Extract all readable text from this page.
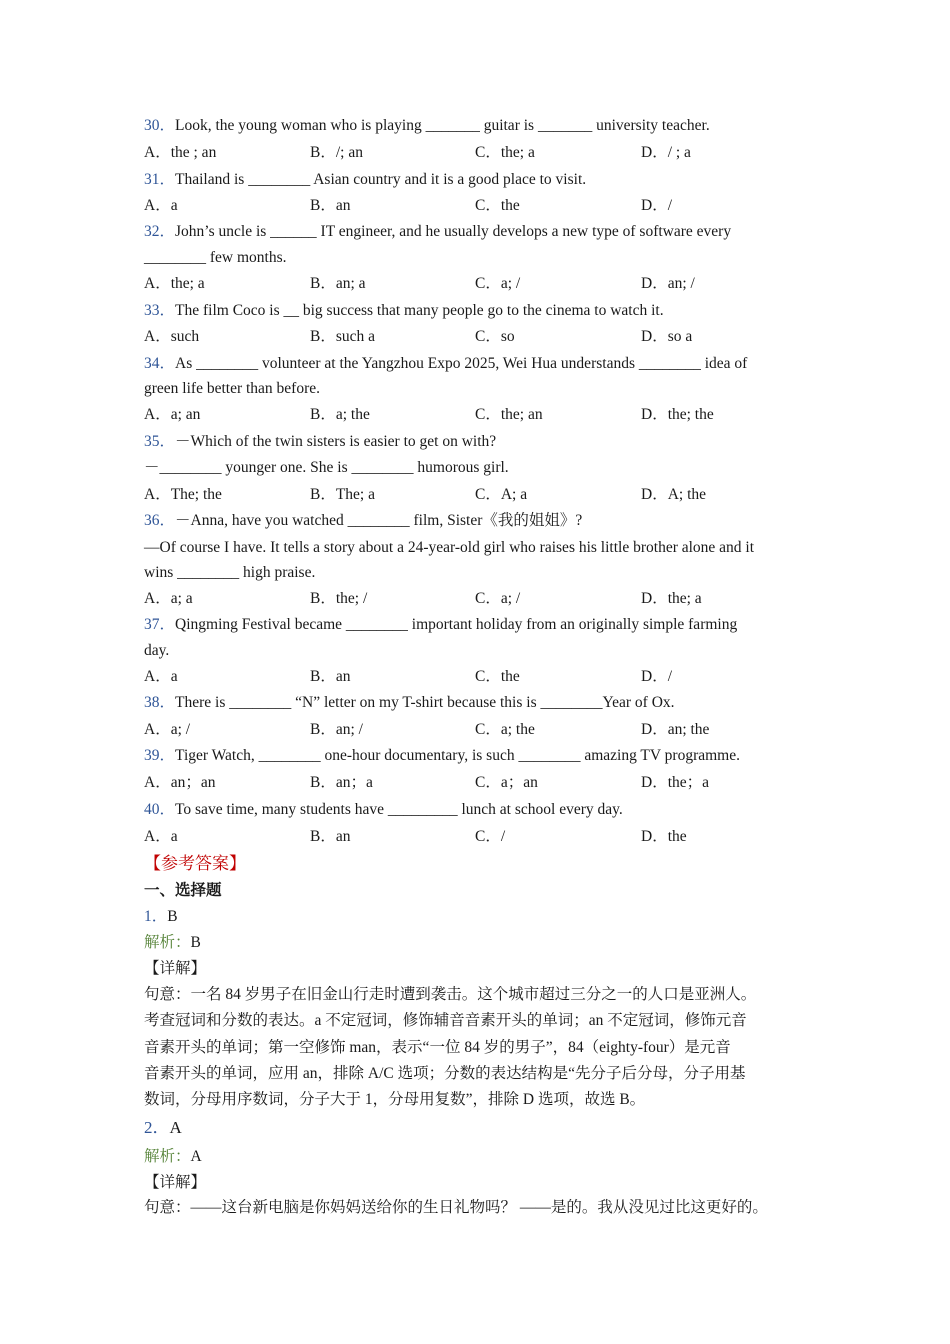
30．Look, the young woman who is playing _______ guitar is _______ university teacher.
A．the ; an	B．/; an	C．the; a	D．/ ; a
31．Thailand is ________ Asian country and it is a good place to visit.
A．a	B．an	C．the	D．/
32．John’s uncle is ______ IT engineer, and he usually develops a new type of software every
________ few months.
A．the; a	B．an; a	C．a; /	D．an; /
33．The film Coco is __ big success that many people go to the cinema to watch it.
A．such	B．such a	C．so	D．so a
34．As ________ volunteer at the Yangzhou Expo 2025, Wei Hua understands ________ idea of
green life better than before.
A．a; an	B．a; the	C．the; an	D．the; the
35．－Which of the twin sisters is easier to get on with?
－________ younger one. She is ________ humorous girl.
A．The; the	B．The; a	C．A; a	D．A; the
36．－Anna, have you watched ________ film, Sister《我的姐姐》?
—Of course I have. It tells a story about a 24-year-old girl who raises his little brother alone and it
wins ________ high praise.
A．a; a	B．the; /	C．a; /	D．the; a
37．Qingming Festival became ________ important holiday from an originally simple farming
day.
A．a	B．an	C．the	D．/
38．There is ________ “N” letter on my T-shirt because this is ________Year of Ox.
A．a; /	B．an; /	C．a; the	D．an; the
39．Tiger Watch, ________ one-hour documentary, is such ________ amazing TV programme.
A．an；an	B．an；a	C．a；an	D．the；a
40．To save time, many students have _________ lunch at school every day.
A．a	B．an	C．/	D．the
【参考答案】
一、选择题
1．B
解析：B
【详解】
句意：一名 84 岁男子在旧金山行走时遭到袭击。这个城市超过三分之一的人口是亚洲人。
考查冠词和分数的表达。a 不定冠词，修饰辅音音素开头的单词；an 不定冠词，修饰元音
音素开头的单词；第一空修饰 man，表示“一位 84 岁的男子”，84（eighty-four）是元音
音素开头的单词，应用 an，排除 A/C 选项；分数的表达结构是“先分子后分母，分子用基
数词，分母用序数词，分子大于 1，分母用复数”，排除 D 选项，故选 B。
2．A
解析：A
【详解】
句意：——这台新电脑是你妈妈送给你的生日礼物吗？ ——是的。我从没见过比这更好的。
